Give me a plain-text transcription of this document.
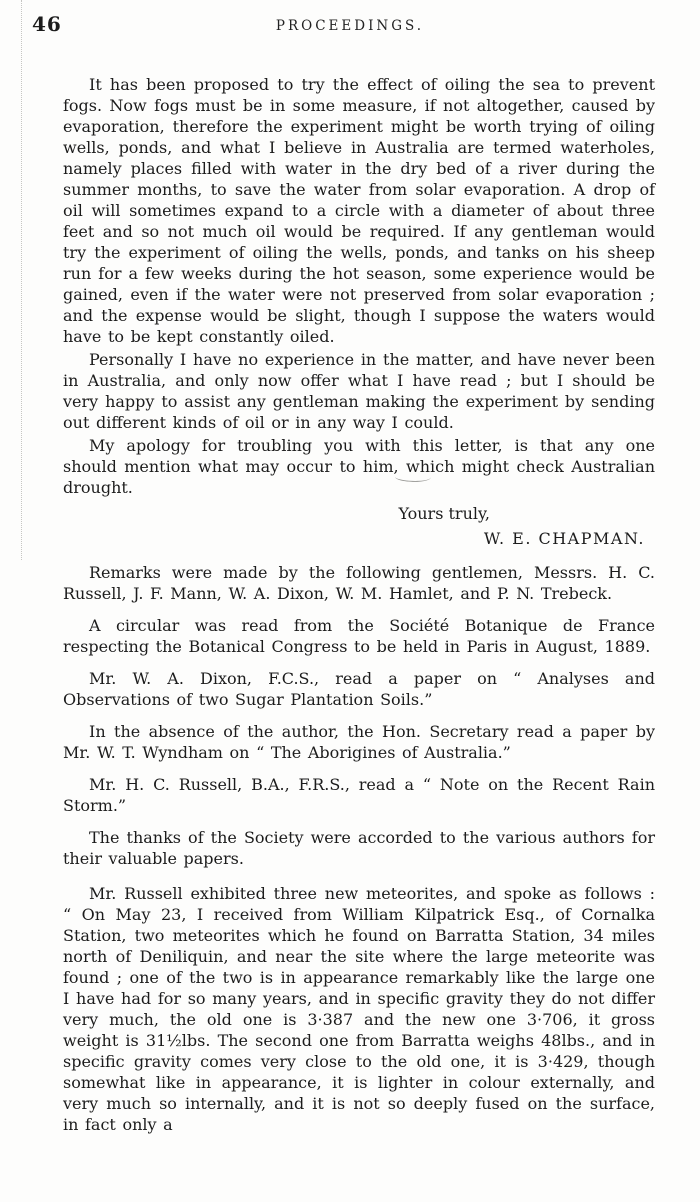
46	PROCEEDINGS.

It has been proposed to try the effect of oiling the sea to prevent fogs. Now fogs must be in some measure, if not altogether, caused by evaporation, therefore the experiment might be worth trying of oiling wells, ponds, and what I believe in Australia are termed waterholes, namely places filled with water in the dry bed of a river during the summer months, to save the water from solar evaporation. A drop of oil will sometimes expand to a circle with a diameter of about three feet and so not much oil would be required. If any gentleman would try the experiment of oiling the wells, ponds, and tanks on his sheep run for a few weeks during the hot season, some experience would be gained, even if the water were not preserved from solar evaporation ; and the expense would be slight, though I suppose the waters would have to be kept constantly oiled.

Personally I have no experience in the matter, and have never been in Australia, and only now offer what I have read ; but I should be very happy to assist any gentleman making the experiment by sending out different kinds of oil or in any way I could.

My apology for troubling you with this letter, is that any one should mention what may occur to him, which might check Australian drought.

Yours truly,
W. E. CHAPMAN.

Remarks were made by the following gentlemen, Messrs. H. C. Russell, J. F. Mann, W. A. Dixon, W. M. Hamlet, and P. N. Trebeck.

A circular was read from the Société Botanique de France respecting the Botanical Congress to be held in Paris in August, 1889.

Mr. W. A. Dixon, F.C.S., read a paper on “ Analyses and Observations of two Sugar Plantation Soils.”

In the absence of the author, the Hon. Secretary read a paper by Mr. W. T. Wyndham on “ The Aborigines of Australia.”

Mr. H. C. Russell, B.A., F.R.S., read a “ Note on the Recent Rain Storm.”

The thanks of the Society were accorded to the various authors for their valuable papers.

Mr. Russell exhibited three new meteorites, and spoke as follows : “ On May 23, I received from William Kilpatrick Esq., of Cornalka Station, two meteorites which he found on Barratta Station, 34 miles north of Deniliquin, and near the site where the large meteorite was found ; one of the two is in appearance remarkably like the large one I have had for so many years, and in specific gravity they do not differ very much, the old one is 3·387 and the new one 3·706, it gross weight is 31½lbs. The second one from Barratta weighs 48lbs., and in specific gravity comes very close to the old one, it is 3·429, though somewhat like in appearance, it is lighter in colour externally, and very much so internally, and it is not so deeply fused on the surface, in fact only a
